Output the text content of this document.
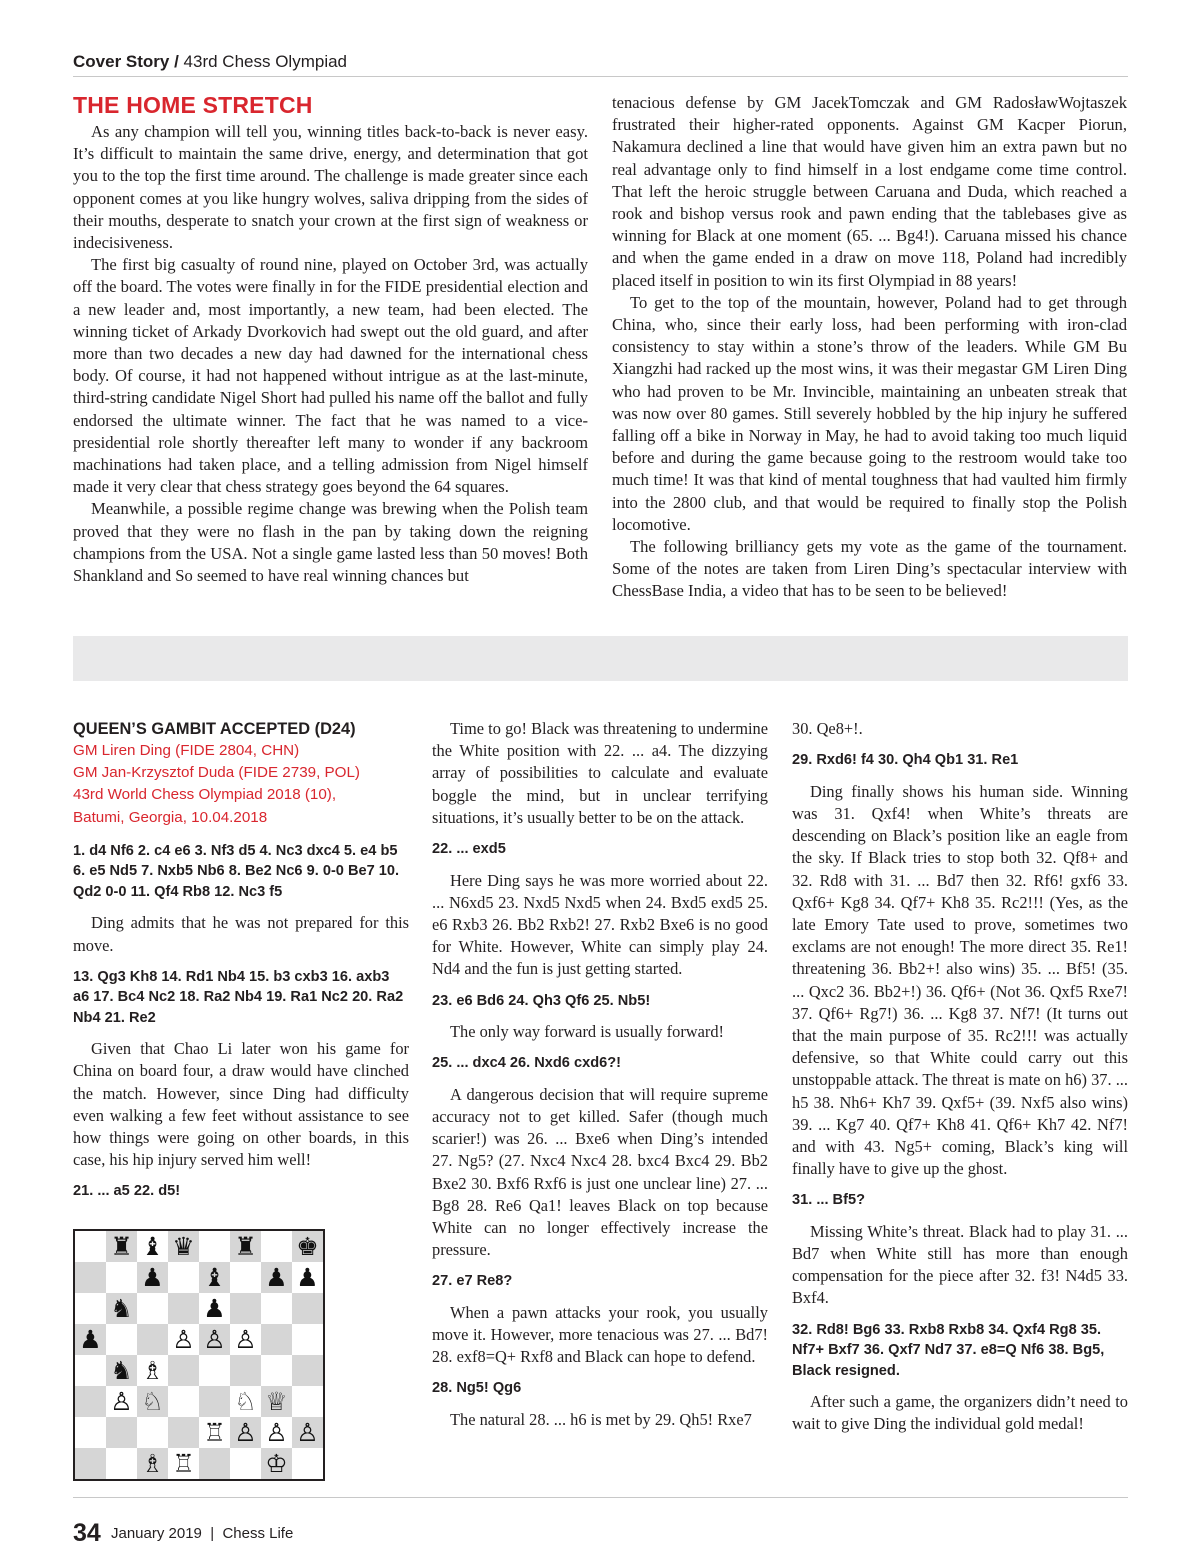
Cover Story / 43rd Chess Olympiad
THE HOME STRETCH

As any champion will tell you, winning titles back-to-back is never easy. It’s difficult to maintain the same drive, energy, and determination that got you to the top the first time around. The challenge is made greater since each opponent comes at you like hungry wolves, saliva dripping from the sides of their mouths, desperate to snatch your crown at the first sign of weakness or indecisiveness.

The first big casualty of round nine, played on October 3rd, was actually off the board. The votes were finally in for the FIDE presidential election and a new leader and, most importantly, a new team, had been elected. The winning ticket of Arkady Dvorkovich had swept out the old guard, and after more than two decades a new day had dawned for the international chess body. Of course, it had not happened without intrigue as at the last-minute, third-string candidate Nigel Short had pulled his name off the ballot and fully endorsed the ultimate winner. The fact that he was named to a vice-presidential role shortly thereafter left many to wonder if any backroom machinations had taken place, and a telling admission from Nigel himself made it very clear that chess strategy goes beyond the 64 squares.

Meanwhile, a possible regime change was brewing when the Polish team proved that they were no flash in the pan by taking down the reigning champions from the USA. Not a single game lasted less than 50 moves! Both Shankland and So seemed to have real winning chances but

tenacious defense by GM JacekTomczak and GM RadosławWojtaszek frustrated their higher-rated opponents. Against GM Kacper Piorun, Nakamura declined a line that would have given him an extra pawn but no real advantage only to find himself in a lost endgame come time control. That left the heroic struggle between Caruana and Duda, which reached a rook and bishop versus rook and pawn ending that the tablebases give as winning for Black at one moment (65. ... Bg4!). Caruana missed his chance and when the game ended in a draw on move 118, Poland had incredibly placed itself in position to win its first Olympiad in 88 years!

To get to the top of the mountain, however, Poland had to get through China, who, since their early loss, had been performing with iron-clad consistency to stay within a stone’s throw of the leaders. While GM Bu Xiangzhi had racked up the most wins, it was their megastar GM Liren Ding who had proven to be Mr. Invincible, maintaining an unbeaten streak that was now over 80 games. Still severely hobbled by the hip injury he suffered falling off a bike in Norway in May, he had to avoid taking too much liquid before and during the game because going to the restroom would take too much time! It was that kind of mental toughness that had vaulted him firmly into the 2800 club, and that would be required to finally stop the Polish locomotive.

The following brilliancy gets my vote as the game of the tournament. Some of the notes are taken from Liren Ding’s spectacular interview with ChessBase India, a video that has to be seen to be believed!

QUEEN’S GAMBIT ACCEPTED (D24)
GM Liren Ding (FIDE 2804, CHN)
GM Jan-Krzysztof Duda (FIDE 2739, POL)
43rd World Chess Olympiad 2018 (10),
Batumi, Georgia, 10.04.2018

1. d4 Nf6 2. c4 e6 3. Nf3 d5 4. Nc3 dxc4 5. e4 b5 6. e5 Nd5 7. Nxb5 Nb6 8. Be2 Nc6 9. 0-0 Be7 10. Qd2 0-0 11. Qf4 Rb8 12. Nc3 f5

Ding admits that he was not prepared for this move.

13. Qg3 Kh8 14. Rd1 Nb4 15. b3 cxb3 16. axb3 a6 17. Bc4 Nc2 18. Ra2 Nb4 19. Ra1 Nc2 20. Ra2 Nb4 21. Re2

Given that Chao Li later won his game for China on board four, a draw would have clinched the match. However, since Ding had difficulty even walking a few feet without assistance to see how things were going on other boards, in this case, his hip injury served him well!

21. ... a5 22. d5!

Time to go! Black was threatening to undermine the White position with 22. ... a4. The dizzying array of possibilities to calculate and evaluate boggle the mind, but in unclear terrifying situations, it’s usually better to be on the attack.

22. ... exd5

Here Ding says he was more worried about 22. ... N6xd5 23. Nxd5 Nxd5 when 24. Bxd5 exd5 25. e6 Rxb3 26. Bb2 Rxb2! 27. Rxb2 Bxe6 is no good for White. However, White can simply play 24. Nd4 and the fun is just getting started.

23. e6 Bd6 24. Qh3 Qf6 25. Nb5!

The only way forward is usually forward!

25. ... dxc4 26. Nxd6 cxd6?!

A dangerous decision that will require supreme accuracy not to get killed. Safer (though much scarier!) was 26. ... Bxe6 when Ding’s intended 27. Ng5? (27. Nxc4 Nxc4 28. bxc4 Bxc4 29. Bb2 Bxe2 30. Bxf6 Rxf6 is just one unclear line) 27. ... Bg8 28. Re6 Qa1! leaves Black on top because White can no longer effectively increase the pressure.

27. e7 Re8?

When a pawn attacks your rook, you usually move it. However, more tenacious was 27. ... Bd7! 28. exf8=Q+ Rxf8 and Black can hope to defend.

28. Ng5! Qg6

The natural 28. ... h6 is met by 29. Qh5! Rxe7

30. Qe8+!.

29. Rxd6! f4 30. Qh4 Qb1 31. Re1

Ding finally shows his human side. Winning was 31. Qxf4! when White’s threats are descending on Black’s position like an eagle from the sky. If Black tries to stop both 32. Qf8+ and 32. Rd8 with 31. ... Bd7 then 32. Rf6! gxf6 33. Qxf6+ Kg8 34. Qf7+ Kh8 35. Rc2!!! (Yes, as the late Emory Tate used to prove, sometimes two exclams are not enough! The more direct 35. Re1! threatening 36. Bb2+! also wins) 35. ... Bf5! (35. ... Qxc2 36. Bb2+!) 36. Qf6+ (Not 36. Qxf5 Rxe7! 37. Qf6+ Rg7!) 36. ... Kg8 37. Nf7! (It turns out that the main purpose of 35. Rc2!!! was actually defensive, so that White could carry out this unstoppable attack. The threat is mate on h6) 37. ... h5 38. Nh6+ Kh7 39. Qxf5+ (39. Nxf5 also wins) 39. ... Kg7 40. Qf7+ Kh8 41. Qf6+ Kh7 42. Nf7! and with 43. Ng5+ coming, Black’s king will finally have to give up the ghost.

31. ... Bf5?

Missing White’s threat. Black had to play 31. ... Bd7 when White still has more than enough compensation for the piece after 32. f3! N4d5 33. Bxf4.

32. Rd8! Bg6 33. Rxb8 Rxb8 34. Qxf4 Rg8 35. Nf7+ Bxf7 36. Qxf7 Nd7 37. e8=Q Nf6 38. Bg5, Black resigned.

After such a game, the organizers didn’t need to wait to give Ding the individual gold medal!

♜ ♝ ♛ ♜ ♚
♟ ♝ ♟ ♟
♞	♟
♟	♙ ♙ ♙
♞ ♗
♙ ♘	♘ ♕
♖ ♙ ♙ ♙
♗ ♖	♔
34 January 2019  |  Chess Life
